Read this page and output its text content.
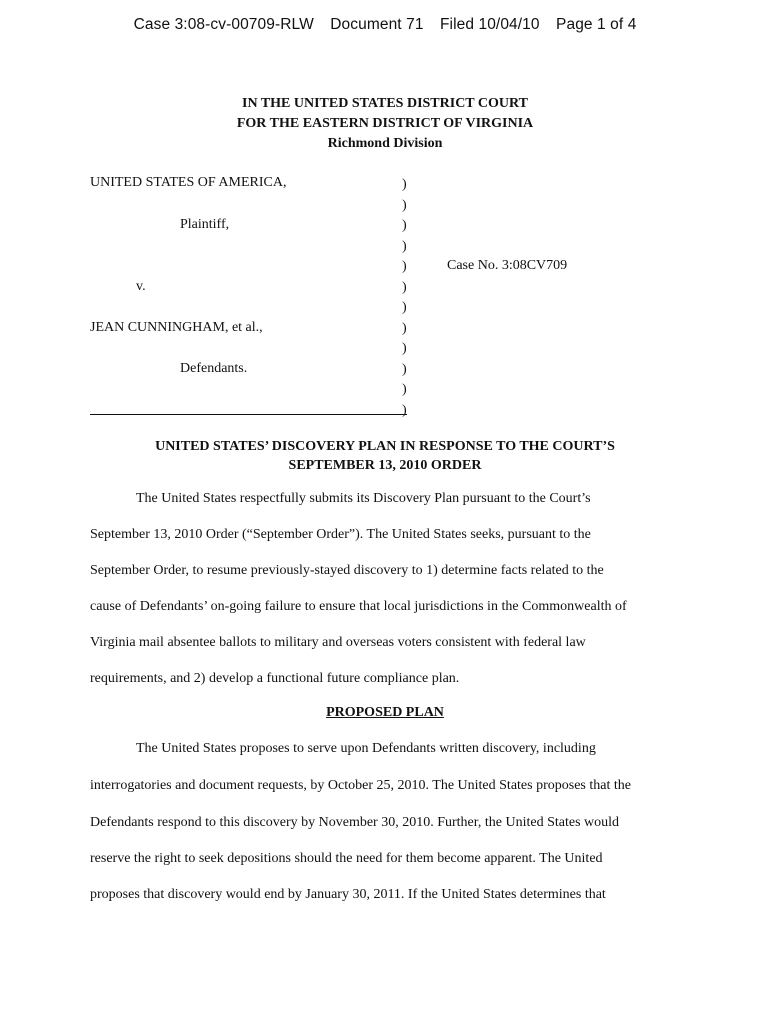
Case 3:08-cv-00709-RLW Document 71 Filed 10/04/10 Page 1 of 4
IN THE UNITED STATES DISTRICT COURT
FOR THE EASTERN DISTRICT OF VIRGINIA
Richmond Division
UNITED STATES OF AMERICA,
Plaintiff,
v.
JEAN CUNNINGHAM, et al.,
Defendants.
)
)
)
)
)
)
)
)
)
)
)
)
Case No. 3:08CV709
UNITED STATES’ DISCOVERY PLAN IN RESPONSE TO THE COURT’S
SEPTEMBER 13, 2010 ORDER
The United States respectfully submits its Discovery Plan pursuant to the Court’s
September 13, 2010 Order (“September Order”). The United States seeks, pursuant to the
September Order, to resume previously-stayed discovery to 1) determine facts related to the
cause of Defendants’ on-going failure to ensure that local jurisdictions in the Commonwealth of
Virginia mail absentee ballots to military and overseas voters consistent with federal law
requirements, and 2) develop a functional future compliance plan.
PROPOSED PLAN
The United States proposes to serve upon Defendants written discovery, including
interrogatories and document requests, by October 25, 2010. The United States proposes that the
Defendants respond to this discovery by November 30, 2010. Further, the United States would
reserve the right to seek depositions should the need for them become apparent. The United
proposes that discovery would end by January 30, 2011. If the United States determines that
